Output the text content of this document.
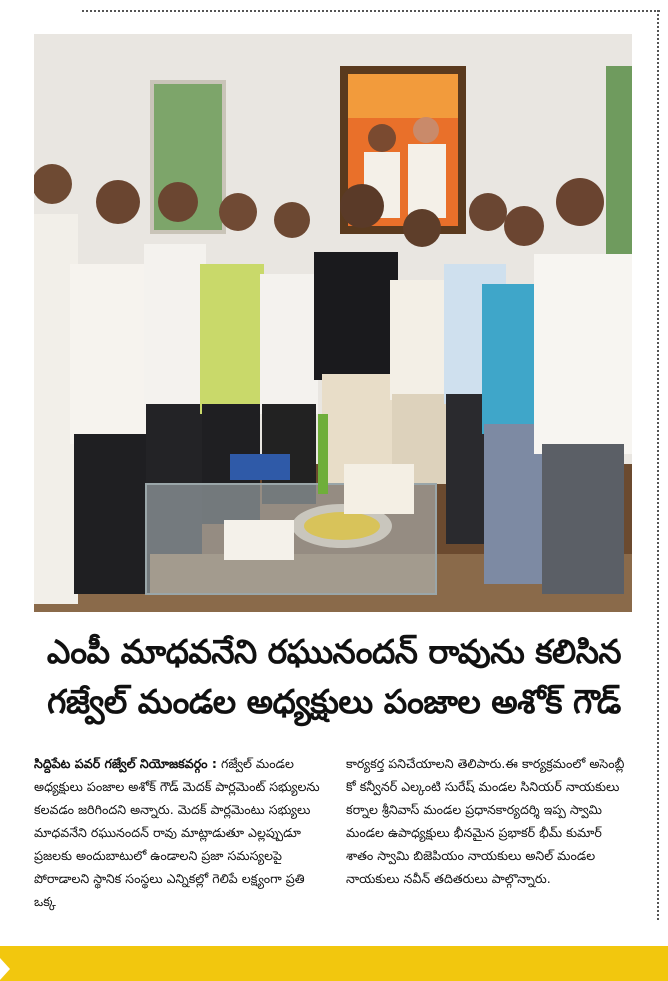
ఎంపీ మాధవనేని రఘునందన్ రావును కలిసిన
గజ్వేల్ మండల అధ్యక్షులు పంజాల అశోక్ గౌడ్

సిద్దిపేట పవర్ గజ్వేల్ నియోజకవర్గం : గజ్వేల్ మండల అధ్యక్షులు పంజాల అశోక్ గౌడ్ మెదక్ పార్లమెంట్ సభ్యులను కలవడం జరిగిందని అన్నారు. మెదక్ పార్లమెంటు సభ్యులు మాధవనేని రఘునందన్ రావు మాట్లాడుతూ ఎల్లప్పుడూ ప్రజలకు అందుబాటులో ఉండాలని ప్రజా సమస్యలపై పోరాడాలని స్థానిక సంస్థలు ఎన్నికల్లో గెలిపే లక్ష్యంగా ప్రతి ఒక్క

కార్యకర్త పనిచేయాలని తెలిపారు.ఈ కార్యక్రమంలో అసెంబ్లీ కో కన్వీనర్ ఎల్కంటి సురేష్ మండల సినియర్ నాయకులు కర్నాల శ్రీనివాస్ మండల ప్రధానకార్యదర్శి ఇప్ప స్వామి మండల ఉపాధ్యక్షులు భీనమైన ప్రభాకర్ భీమ్ కుమార్ శాతం స్వామి బిజెపియం నాయకులు అనిల్ మండల నాయకులు నవీన్ తదితరులు పాల్గొన్నారు.
